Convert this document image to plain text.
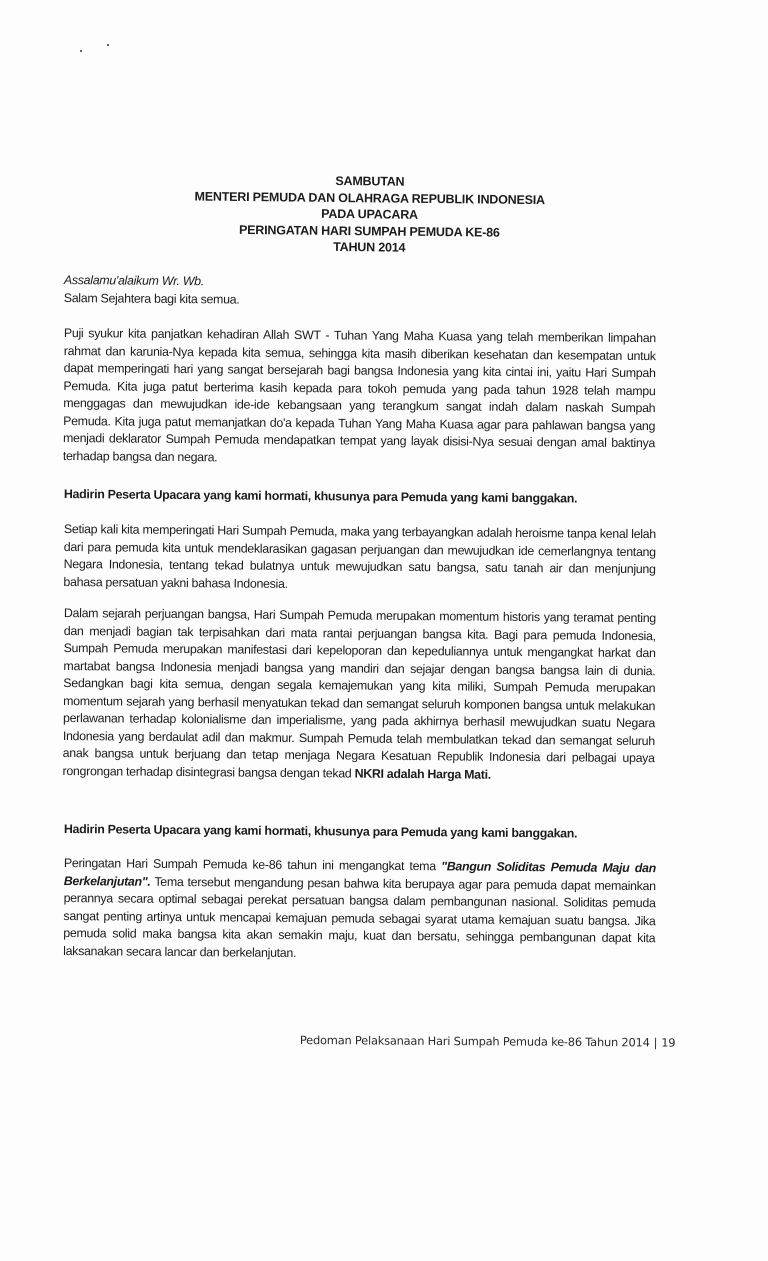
SAMBUTAN
MENTERI PEMUDA DAN OLAHRAGA REPUBLIK INDONESIA
PADA UPACARA
PERINGATAN HARI SUMPAH PEMUDA KE-86
TAHUN 2014
Assalamu'alaikum Wr. Wb.
Salam Sejahtera bagi kita semua.

Puji syukur kita panjatkan kehadiran Allah SWT - Tuhan Yang Maha Kuasa yang telah memberikan limpahan rahmat dan karunia-Nya kepada kita semua, sehingga kita masih diberikan kesehatan dan kesempatan untuk dapat memperingati hari yang sangat bersejarah bagi bangsa Indonesia yang kita cintai ini, yaitu Hari Sumpah Pemuda. Kita juga patut berterima kasih kepada para tokoh pemuda yang pada tahun 1928 telah mampu menggagas dan mewujudkan ide-ide kebangsaan yang terangkum sangat indah dalam naskah Sumpah Pemuda. Kita juga patut memanjatkan do'a kepada Tuhan Yang Maha Kuasa agar para pahlawan bangsa yang menjadi deklarator Sumpah Pemuda mendapatkan tempat yang layak disisi-Nya sesuai dengan amal baktinya terhadap bangsa dan negara.

Hadirin Peserta Upacara yang kami hormati, khusunya para Pemuda yang kami banggakan.

Setiap kali kita memperingati Hari Sumpah Pemuda, maka yang terbayangkan adalah heroisme tanpa kenal lelah dari para pemuda kita untuk mendeklarasikan gagasan perjuangan dan mewujudkan ide cemerlangnya tentang Negara Indonesia, tentang tekad bulatnya untuk mewujudkan satu bangsa, satu tanah air dan menjunjung bahasa persatuan yakni bahasa Indonesia.

Dalam sejarah perjuangan bangsa, Hari Sumpah Pemuda merupakan momentum historis yang teramat penting dan menjadi bagian tak terpisahkan dari mata rantai perjuangan bangsa kita. Bagi para pemuda Indonesia, Sumpah Pemuda merupakan manifestasi dari kepeloporan dan kepeduliannya untuk mengangkat harkat dan martabat bangsa Indonesia menjadi bangsa yang mandiri dan sejajar dengan bangsa bangsa lain di dunia. Sedangkan bagi kita semua, dengan segala kemajemukan yang kita miliki, Sumpah Pemuda merupakan momentum sejarah yang berhasil menyatukan tekad dan semangat seluruh komponen bangsa untuk melakukan perlawanan terhadap kolonialisme dan imperialisme, yang pada akhirnya berhasil mewujudkan suatu Negara Indonesia yang berdaulat adil dan makmur. Sumpah Pemuda telah membulatkan tekad dan semangat seluruh anak bangsa untuk berjuang dan tetap menjaga Negara Kesatuan Republik Indonesia dari pelbagai upaya rongrongan terhadap disintegrasi bangsa dengan tekad NKRI adalah Harga Mati.

Hadirin Peserta Upacara yang kami hormati, khusunya para Pemuda yang kami banggakan.

Peringatan Hari Sumpah Pemuda ke-86 tahun ini mengangkat tema "Bangun Soliditas Pemuda Maju dan Berkelanjutan". Tema tersebut mengandung pesan bahwa kita berupaya agar para pemuda dapat memainkan perannya secara optimal sebagai perekat persatuan bangsa dalam pembangunan nasional. Soliditas pemuda sangat penting artinya untuk mencapai kemajuan pemuda sebagai syarat utama kemajuan suatu bangsa. Jika pemuda solid maka bangsa kita akan semakin maju, kuat dan bersatu, sehingga pembangunan dapat kita laksanakan secara lancar dan berkelanjutan.

Pedoman Pelaksanaan Hari Sumpah Pemuda ke-86 Tahun 2014 | 19
